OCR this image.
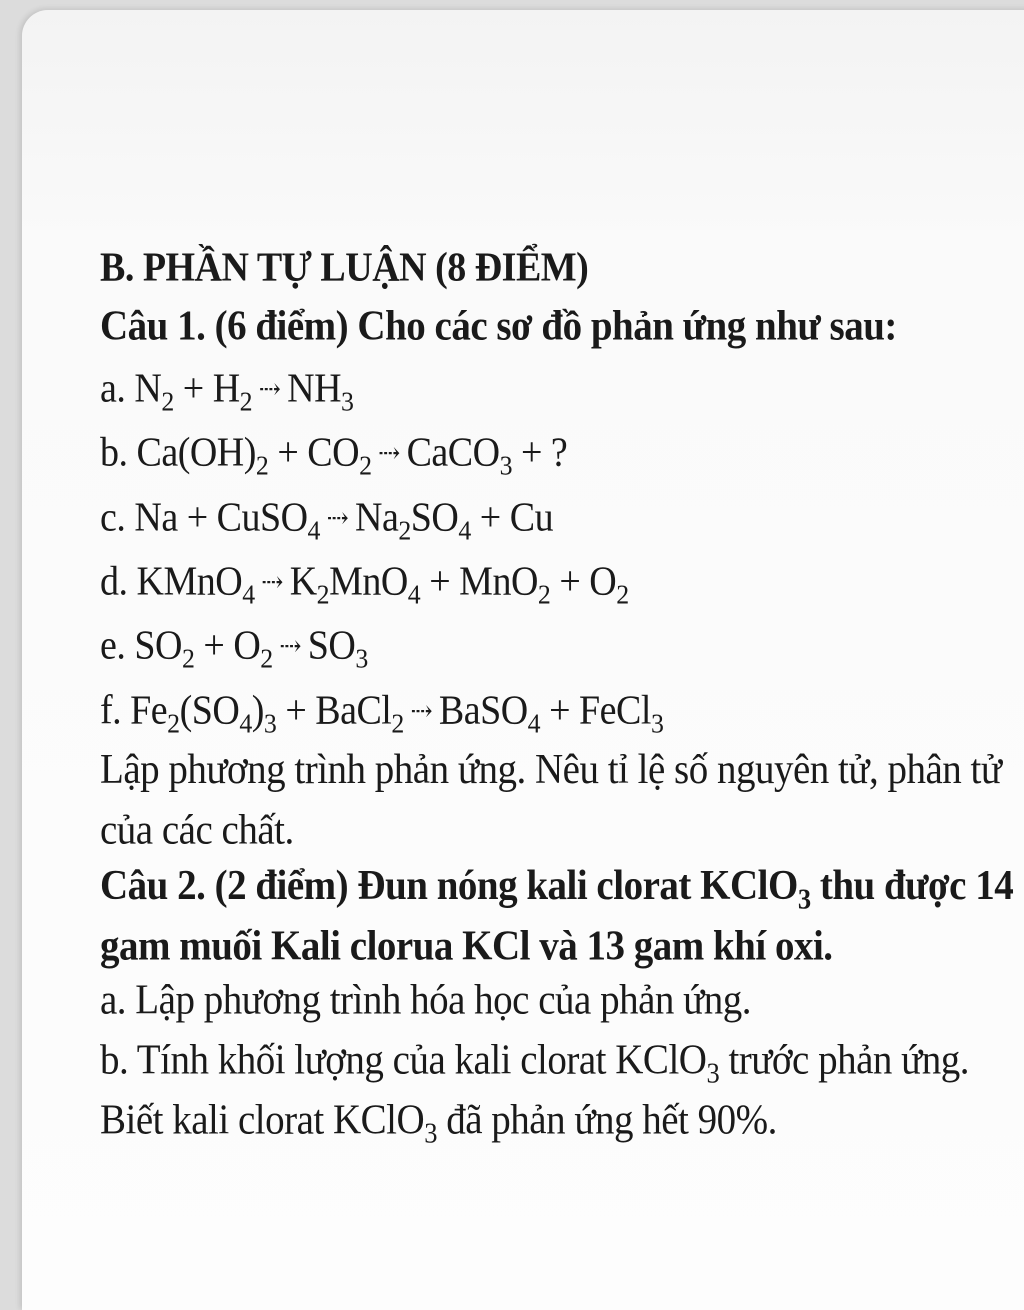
B. PHẦN TỰ LUẬN (8 ĐIỂM)
Câu 1. (6 điểm) Cho các sơ đồ phản ứng như sau:
a. $N_2 + H_2$ ⇢ $NH_3$
b. $Ca(OH)_2 + CO_2$ ⇢ CaCO$_3$ + ?
c. Na + CuSO$_4$ ⇢ $Na_2SO_4 + Cu$
d. KMnO$_4$ ⇢ $K_2MnO_4 + MnO_2 + O_2$
e. $SO_2 + O_2$ ⇢ $SO_3$
f. $Fe_2(SO_4)_3$ + BaCl$_2$ ⇢ BaSO$_4$ + FeCl$_3$
Lập phương trình phản ứng. Nêu tỉ lệ số nguyên tử, phân tử của các chất.
Câu 2. (2 điểm) Đun nóng kali clorat KClO$_3$ thu được 14 gam muối Kali clorua KCl và 13 gam khí oxi.
a. Lập phương trình hóa học của phản ứng.
b. Tính khối lượng của kali clorat KClO$_3$ trước phản ứng.
Biết kali clorat KClO$_3$ đã phản ứng hết 90%.
